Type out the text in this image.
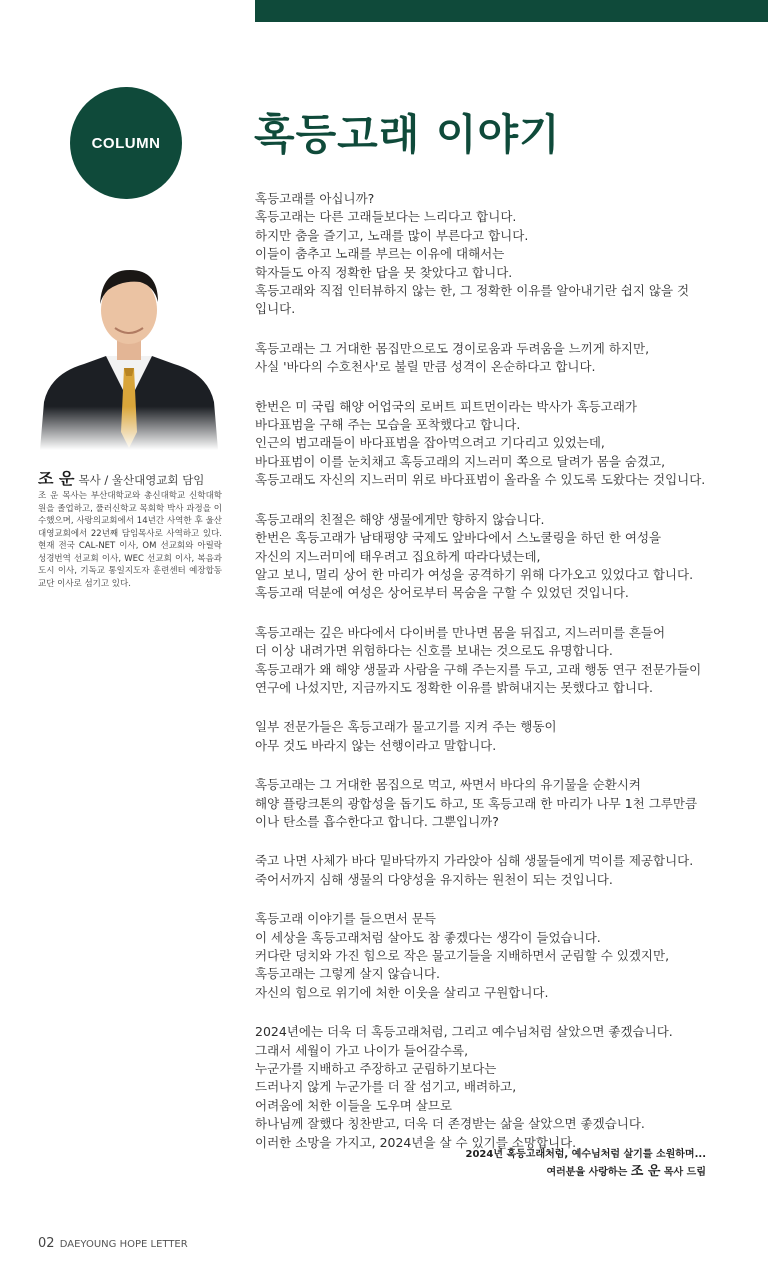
COLUMN 혹등고래 이야기
조 운 목사 / 울산대영교회 담임

조 운 목사는 부산대학교와 총신대학교 신학대학원을 졸업하고, 풀러신학교 목회학 박사 과정을 이수했으며, 사랑의교회에서 14년간 사역한 후 울산 대영교회에서 22년째 담임목사로 사역하고 있다. 현재 전국 CAL-NET 이사, OM 선교회와 아릴락 성경번역 선교회 이사, WEC 선교회 이사, 복음과 도시 이사, 기독교 통일지도자 훈련센터 예장합동 교단 이사로 섬기고 있다.

혹등고래를 아십니까?
혹등고래는 다른 고래들보다는 느리다고 합니다.
하지만 춤을 즐기고, 노래를 많이 부른다고 합니다.
이들이 춤추고 노래를 부르는 이유에 대해서는
학자들도 아직 정확한 답을 못 찾았다고 합니다.
혹등고래와 직접 인터뷰하지 않는 한, 그 정확한 이유를 알아내기란 쉽지 않을 것
입니다.

혹등고래는 그 거대한 몸집만으로도 경이로움과 두려움을 느끼게 하지만,
사실 '바다의 수호천사'로 불릴 만큼 성격이 온순하다고 합니다.

한번은 미 국립 해양 어업국의 로버트 피트먼이라는 박사가 혹등고래가
바다표범을 구해 주는 모습을 포착했다고 합니다.
인근의 범고래들이 바다표범을 잡아먹으려고 기다리고 있었는데,
바다표범이 이를 눈치채고 혹등고래의 지느러미 쪽으로 달려가 몸을 숨겼고,
혹등고래도 자신의 지느러미 위로 바다표범이 올라올 수 있도록 도왔다는 것입니다.

혹등고래의 친절은 해양 생물에게만 향하지 않습니다.
한번은 혹등고래가 남태평양 국제도 앞바다에서 스노쿨링을 하던 한 여성을
자신의 지느러미에 태우려고 집요하게 따라다녔는데,
알고 보니, 멀리 상어 한 마리가 여성을 공격하기 위해 다가오고 있었다고 합니다.
혹등고래 덕분에 여성은 상어로부터 목숨을 구할 수 있었던 것입니다.

혹등고래는 깊은 바다에서 다이버를 만나면 몸을 뒤집고, 지느러미를 흔들어
더 이상 내려가면 위험하다는 신호를 보내는 것으로도 유명합니다.
혹등고래가 왜 해양 생물과 사람을 구해 주는지를 두고, 고래 행동 연구 전문가들이
연구에 나섰지만, 지금까지도 정확한 이유를 밝혀내지는 못했다고 합니다.

일부 전문가들은 혹등고래가 물고기를 지켜 주는 행동이
아무 것도 바라지 않는 선행이라고 말합니다.

혹등고래는 그 거대한 몸집으로 먹고, 싸면서 바다의 유기물을 순환시켜
해양 플랑크톤의 광합성을 돕기도 하고, 또 혹등고래 한 마리가 나무 1천 그루만큼
이나 탄소를 흡수한다고 합니다. 그뿐입니까?

죽고 나면 사체가 바다 밑바닥까지 가라앉아 심해 생물들에게 먹이를 제공합니다.
죽어서까지 심해 생물의 다양성을 유지하는 원천이 되는 것입니다.

혹등고래 이야기를 들으면서 문득
이 세상을 혹등고래처럼 살아도 참 좋겠다는 생각이 들었습니다.
커다란 덩치와 가진 힘으로 작은 물고기들을 지배하면서 군림할 수 있겠지만,
혹등고래는 그렇게 살지 않습니다.
자신의 힘으로 위기에 처한 이웃을 살리고 구원합니다.

2024년에는 더욱 더 혹등고래처럼, 그리고 예수님처럼 살았으면 좋겠습니다.
그래서 세월이 가고 나이가 들어갈수록,
누군가를 지배하고 주장하고 군림하기보다는
드러나지 않게 누군가를 더 잘 섬기고, 배려하고,
어려움에 처한 이들을 도우며 살므로
하나님께 잘했다 칭찬받고, 더욱 더 존경받는 삶을 살았으면 좋겠습니다.
이러한 소망을 가지고, 2024년을 살 수 있기를 소망합니다.

2024년 혹등고래처럼, 예수님처럼 살기를 소원하며...
여러분을 사랑하는 조 운 목사 드림
02 DAEYOUNG HOPE LETTER
